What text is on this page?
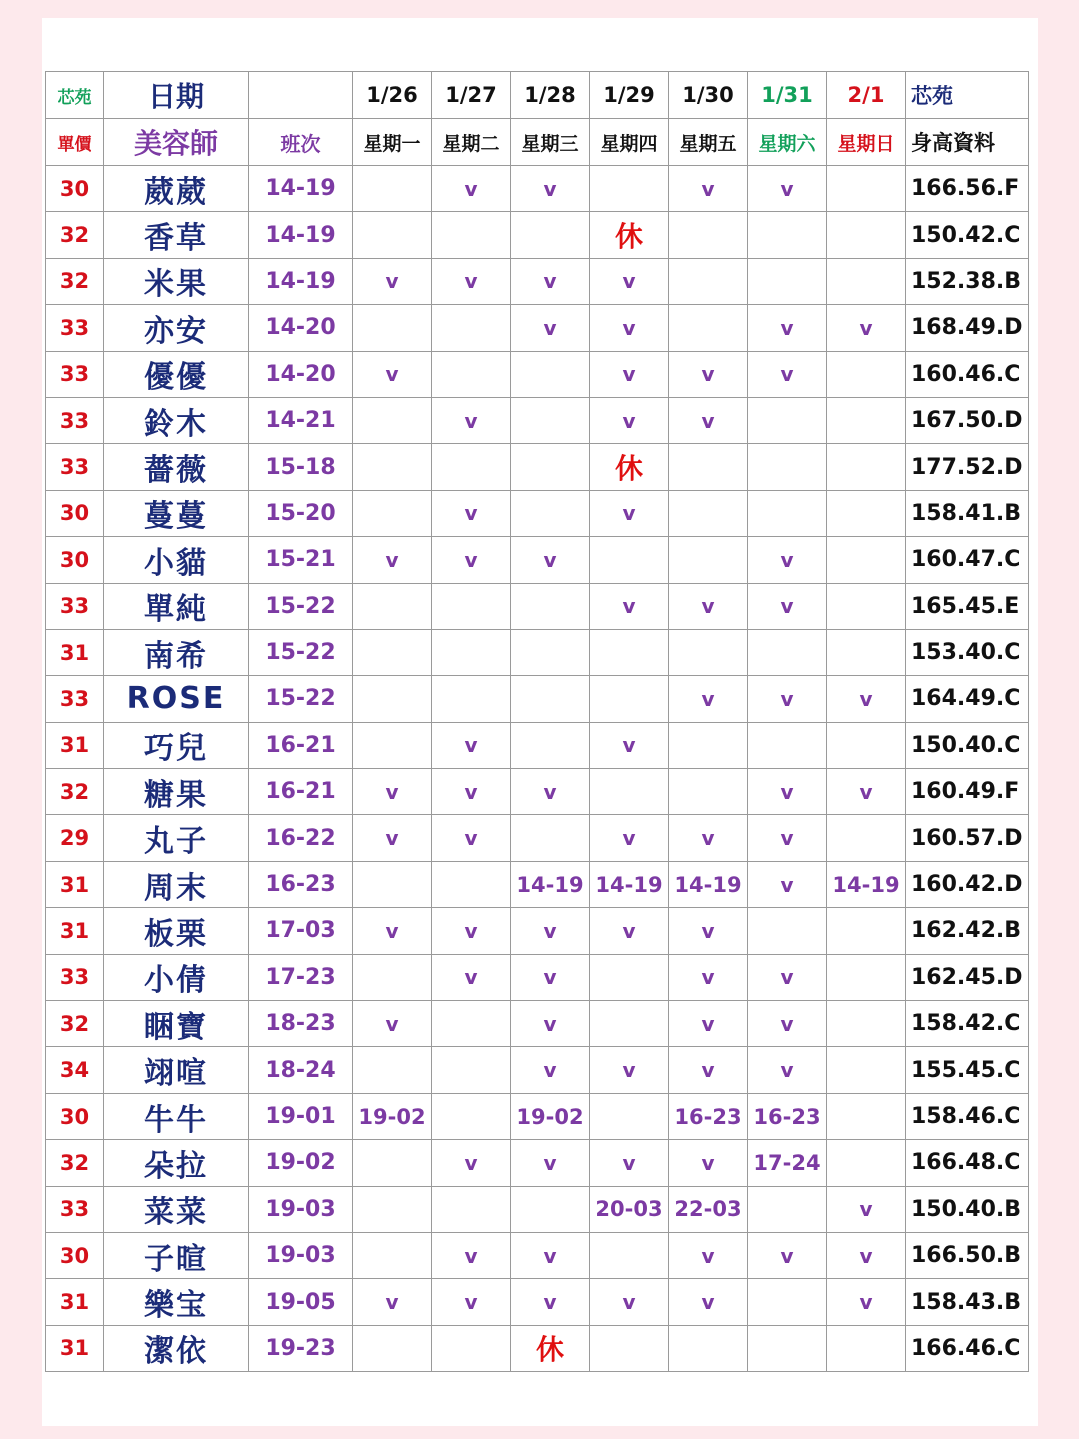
芯苑	日期		1/26	1/27	1/28	1/29	1/30	1/31	2/1	芯苑
單價	美容師	班次	星期一	星期二	星期三	星期四	星期五	星期六	星期日	身高資料
30	葳葳	14-19		v	v		v	v		166.56.F
32	香草	14-19				休				150.42.C
32	米果	14-19	v	v	v	v				152.38.B
33	亦安	14-20			v	v		v	v	168.49.D
33	優優	14-20	v			v	v	v		160.46.C
33	鈴木	14-21		v		v	v			167.50.D
33	薔薇	15-18				休				177.52.D
30	蔓蔓	15-20		v		v				158.41.B
30	小貓	15-21	v	v	v			v		160.47.C
33	單純	15-22				v	v	v		165.45.E
31	南希	15-22								153.40.C
33	ROSE	15-22					v	v	v	164.49.C
31	巧兒	16-21		v		v				150.40.C
32	糖果	16-21	v	v	v			v	v	160.49.F
29	丸子	16-22	v	v		v	v	v		160.57.D
31	周末	16-23			14-19	14-19	14-19	v	14-19	160.42.D
31	板栗	17-03	v	v	v	v	v			162.42.B
33	小倩	17-23		v	v		v	v		162.45.D
32	睏寶	18-23	v		v		v	v		158.42.C
34	翊喧	18-24			v	v	v	v		155.45.C
30	牛牛	19-01	19-02		19-02		16-23	16-23		158.46.C
32	朵拉	19-02		v	v	v	v	17-24		166.48.C
33	菜菜	19-03				20-03	22-03		v	150.40.B
30	子暄	19-03		v	v		v	v	v	166.50.B
31	樂宝	19-05	v	v	v	v	v		v	158.43.B
31	潔依	19-23			休					166.46.C
